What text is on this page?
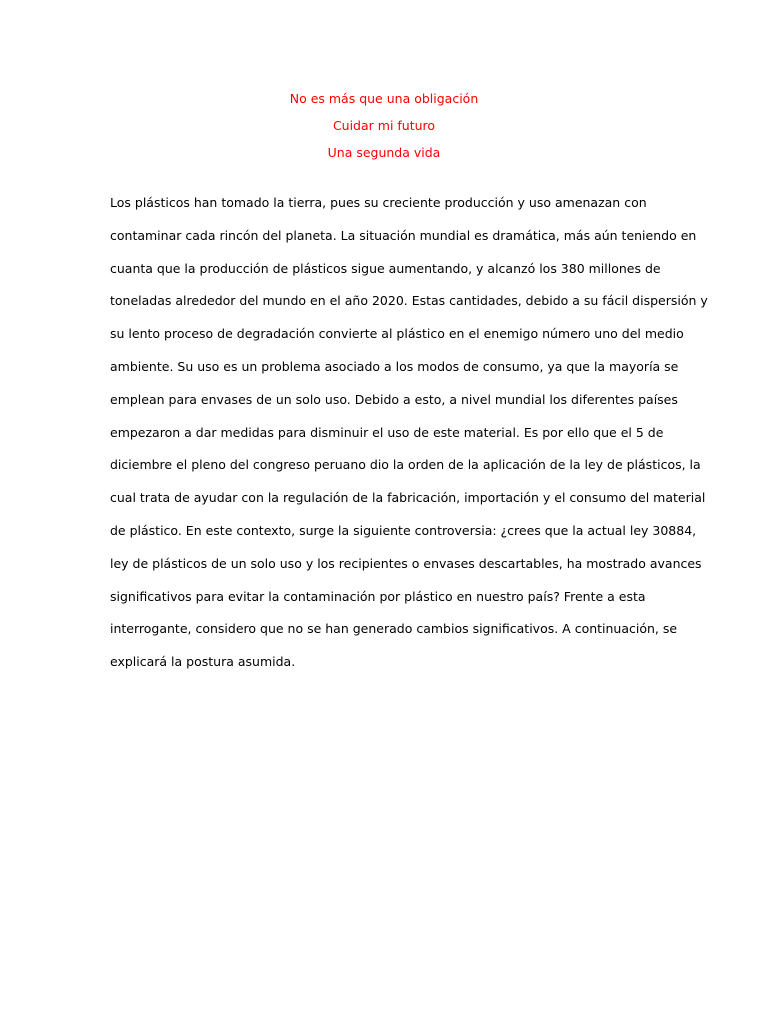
No es más que una obligación
Cuidar mi futuro
Una segunda vida
Los plásticos han tomado la tierra, pues su creciente producción y uso amenazan con
contaminar cada rincón del planeta. La situación mundial es dramática, más aún teniendo en
cuanta que la producción de plásticos sigue aumentando, y alcanzó los 380 millones de
toneladas alrededor del mundo en el año 2020. Estas cantidades, debido a su fácil dispersión y
su lento proceso de degradación convierte al plástico en el enemigo número uno del medio
ambiente. Su uso es un problema asociado a los modos de consumo, ya que la mayoría se
emplean para envases de un solo uso. Debido a esto, a nivel mundial los diferentes países
empezaron a dar medidas para disminuir el uso de este material. Es por ello que el 5 de
diciembre el pleno del congreso peruano dio la orden de la aplicación de la ley de plásticos, la
cual trata de ayudar con la regulación de la fabricación, importación y el consumo del material
de plástico. En este contexto, surge la siguiente controversia: ¿crees que la actual ley 30884,
ley de plásticos de un solo uso y los recipientes o envases descartables, ha mostrado avances
significativos para evitar la contaminación por plástico en nuestro país? Frente a esta
interrogante, considero que no se han generado cambios significativos. A continuación, se
explicará la postura asumida.
